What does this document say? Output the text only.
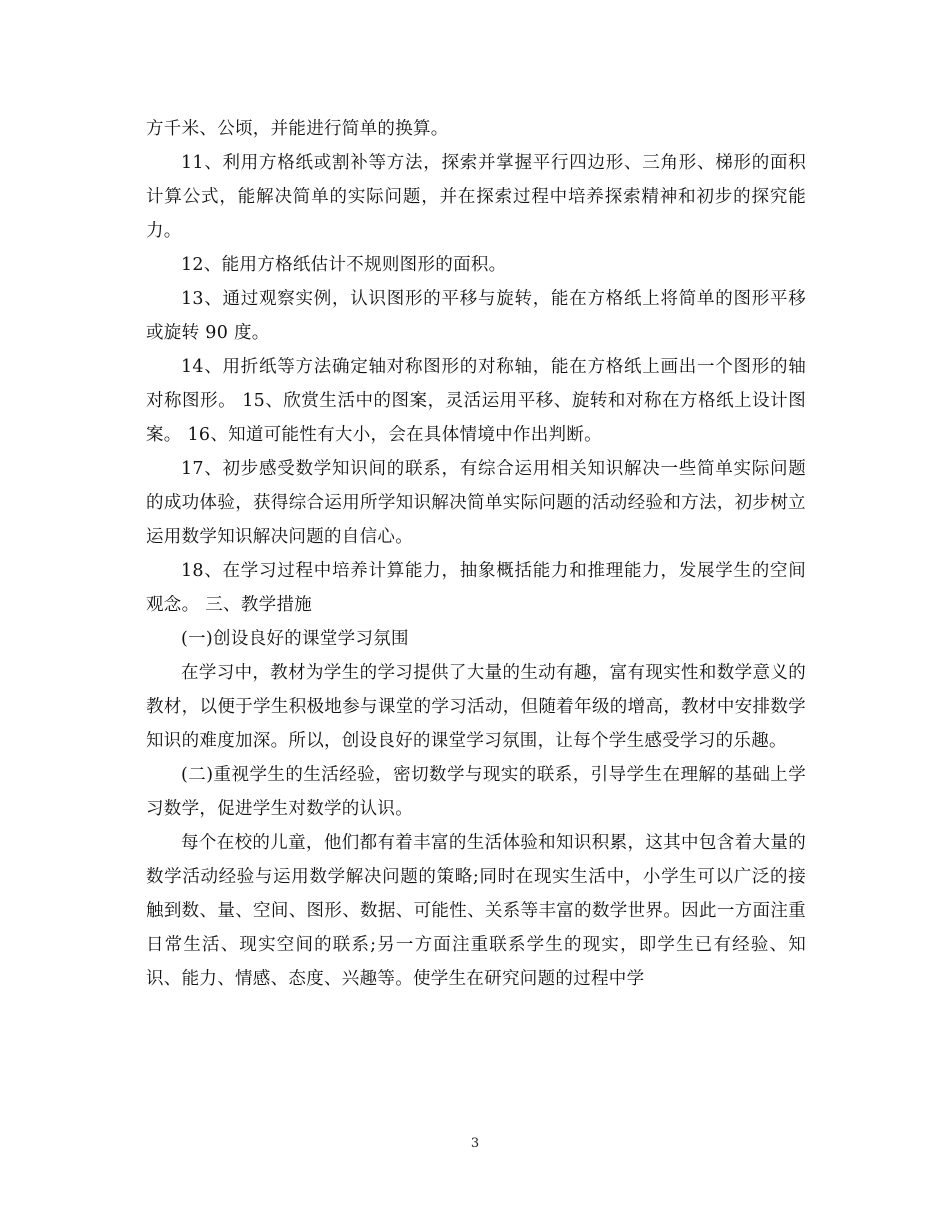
方千米、公顷，并能进行简单的换算。

11、利用方格纸或割补等方法，探索并掌握平行四边形、三角形、梯形的面积计算公式，能解决简单的实际问题，并在探索过程中培养探索精神和初步的探究能力。

12、能用方格纸估计不规则图形的面积。

13、通过观察实例，认识图形的平移与旋转，能在方格纸上将简单的图形平移或旋转 90 度。

14、用折纸等方法确定轴对称图形的对称轴，能在方格纸上画出一个图形的轴对称图形。 15、欣赏生活中的图案，灵活运用平移、旋转和对称在方格纸上设计图案。 16、知道可能性有大小，会在具体情境中作出判断。

17、初步感受数学知识间的联系，有综合运用相关知识解决一些简单实际问题的成功体验，获得综合运用所学知识解决简单实际问题的活动经验和方法，初步树立运用数学知识解决问题的自信心。

18、在学习过程中培养计算能力，抽象概括能力和推理能力，发展学生的空间观念。 三、教学措施

(一)创设良好的课堂学习氛围

在学习中，教材为学生的学习提供了大量的生动有趣，富有现实性和数学意义的教材，以便于学生积极地参与课堂的学习活动，但随着年级的增高，教材中安排数学知识的难度加深。所以，创设良好的课堂学习氛围，让每个学生感受学习的乐趣。

(二)重视学生的生活经验，密切数学与现实的联系，引导学生在理解的基础上学习数学，促进学生对数学的认识。

每个在校的儿童，他们都有着丰富的生活体验和知识积累，这其中包含着大量的数学活动经验与运用数学解决问题的策略;同时在现实生活中，小学生可以广泛的接触到数、量、空间、图形、数据、可能性、关系等丰富的数学世界。因此一方面注重日常生活、现实空间的联系;另一方面注重联系学生的现实，即学生已有经验、知识、能力、情感、态度、兴趣等。使学生在研究问题的过程中学

3
